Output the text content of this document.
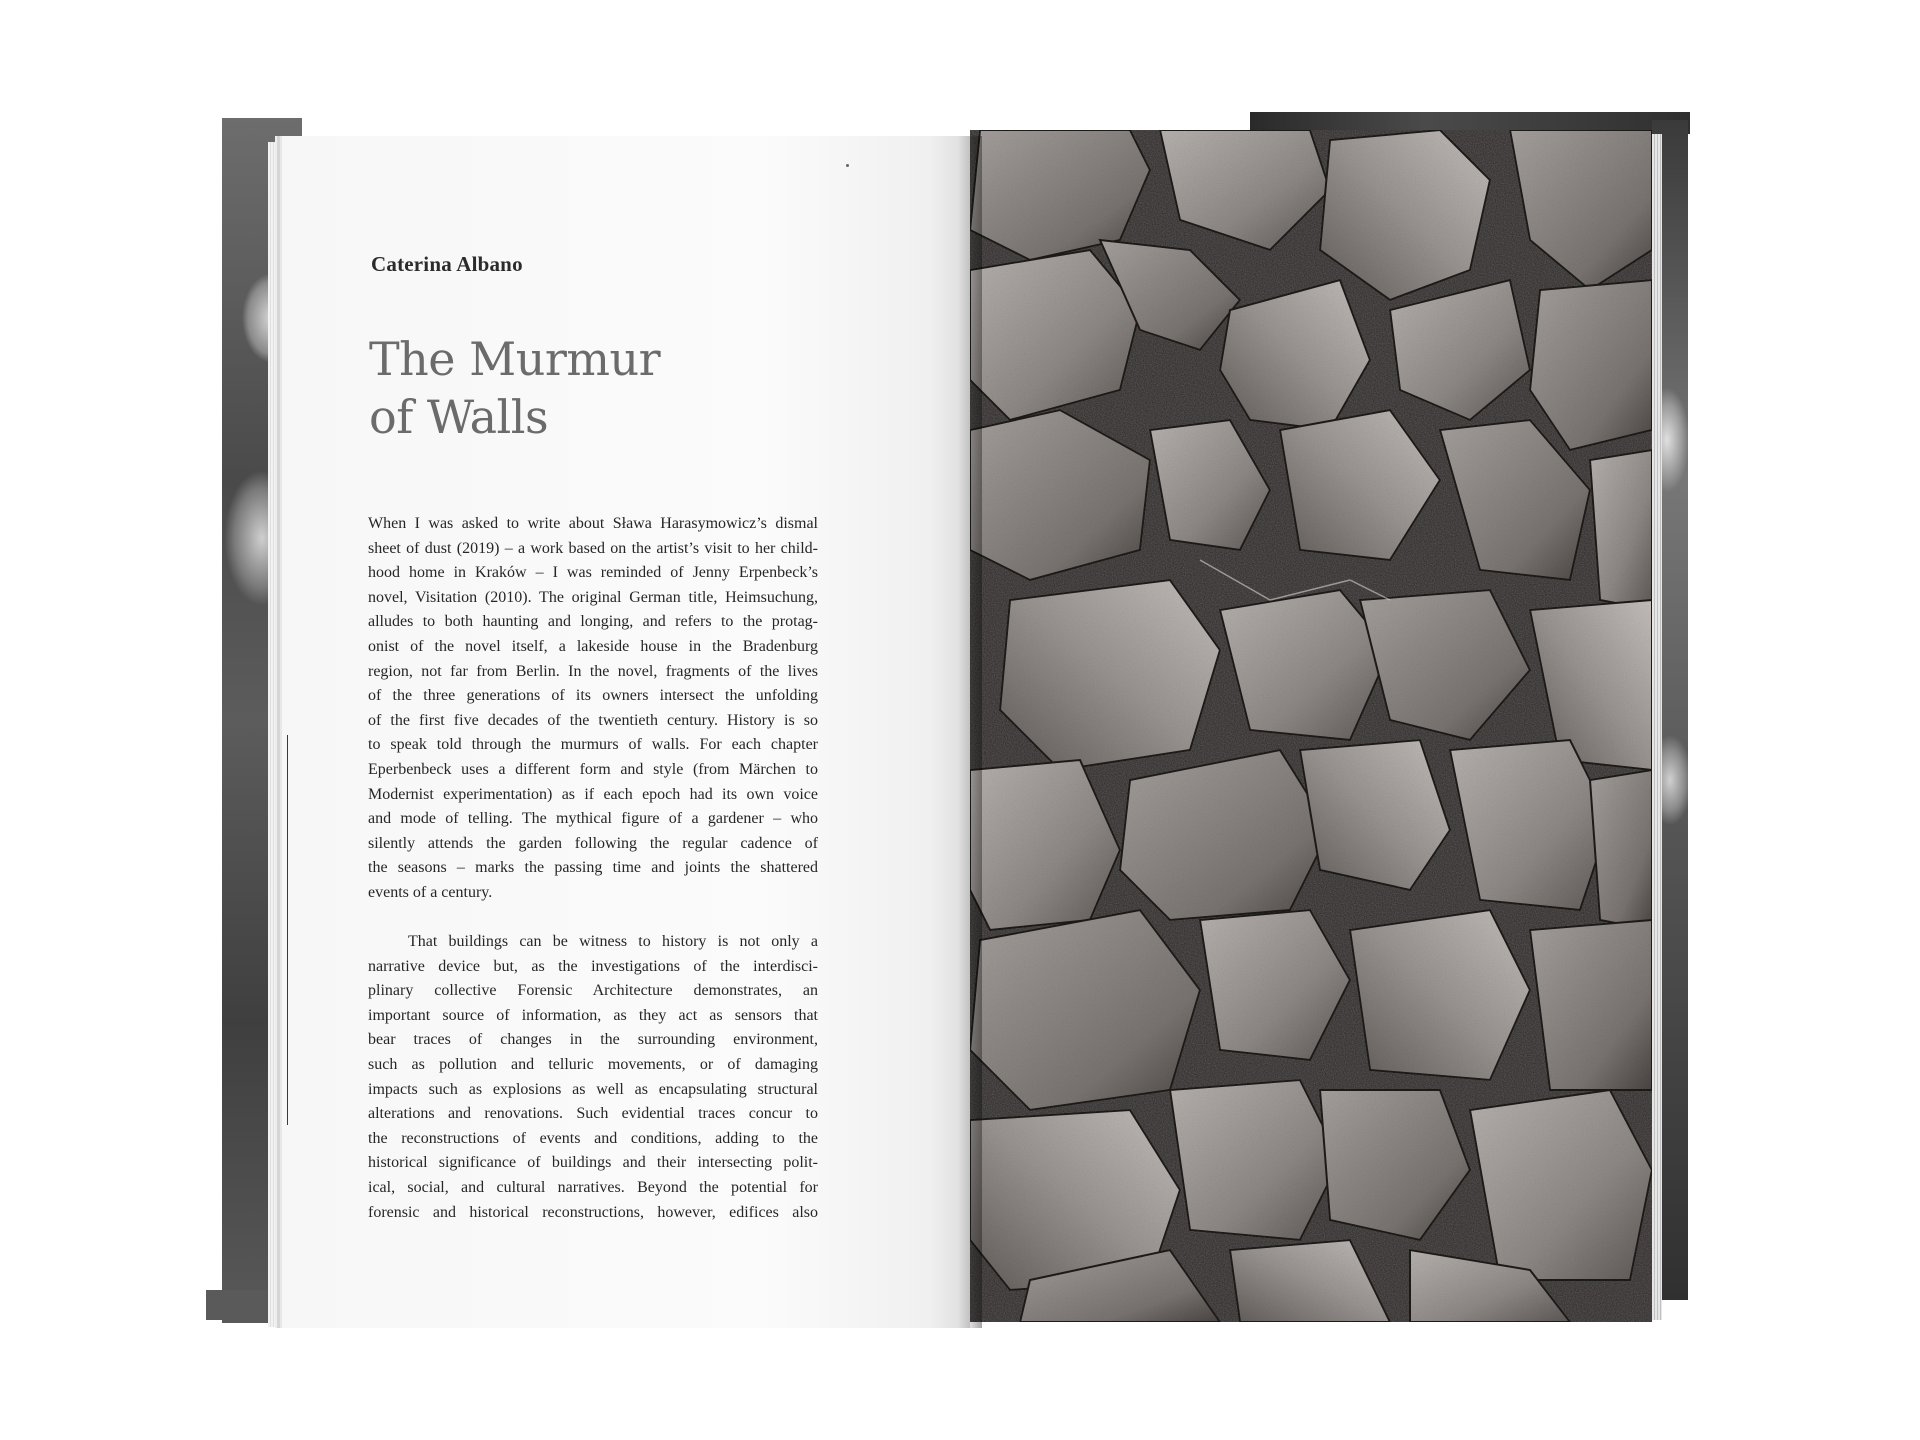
Caterina Albano

The Murmur
of Walls
When I was asked to write about Sława Harasymowicz’s dismal
sheet of dust (2019) – a work based on the artist’s visit to her child-
hood home in Kraków – I was reminded of Jenny Erpenbeck’s
novel, Visitation (2010). The original German title, Heimsuchung,
alludes to both haunting and longing, and refers to the protag-
onist of the novel itself, a lakeside house in the Bradenburg
region, not far from Berlin. In the novel, fragments of the lives
of the three generations of its owners intersect the unfolding
of the first five decades of the twentieth century. History is so
to speak told through the murmurs of walls. For each chapter
Eperbenbeck uses a different form and style (from Märchen to
Modernist experimentation) as if each epoch had its own voice
and mode of telling. The mythical figure of a gardener – who
silently attends the garden following the regular cadence of
the seasons – marks the passing time and joints the shattered
events of a century.
That buildings can be witness to history is not only a
narrative device but, as the investigations of the interdisci-
plinary collective Forensic Architecture demonstrates, an
important source of information, as they act as sensors that
bear traces of changes in the surrounding environment,
such as pollution and telluric movements, or of damaging
impacts such as explosions as well as encapsulating structural
alterations and renovations. Such evidential traces concur to
the reconstructions of events and conditions, adding to the
historical significance of buildings and their intersecting polit-
ical, social, and cultural narratives. Beyond the potential for
forensic and historical reconstructions, however, edifices also
